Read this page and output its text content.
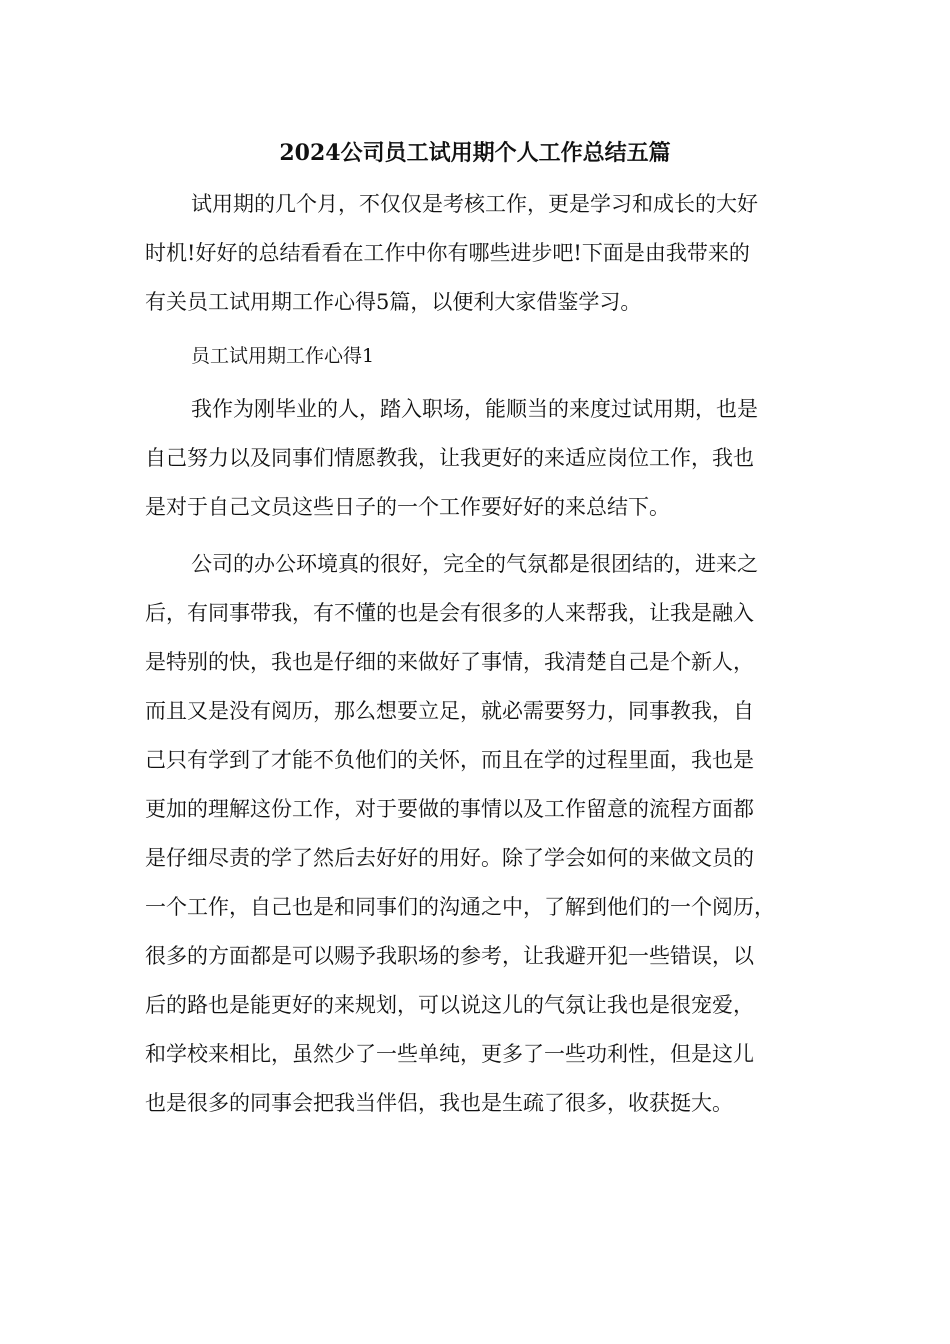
2024公司员工试用期个人工作总结五篇
试用期的几个月，不仅仅是考核工作，更是学习和成长的大好
时机!好好的总结看看在工作中你有哪些进步吧!下面是由我带来的
有关员工试用期工作心得5篇，以便利大家借鉴学习。
员工试用期工作心得1
我作为刚毕业的人，踏入职场，能顺当的来度过试用期，也是
自己努力以及同事们情愿教我，让我更好的来适应岗位工作，我也
是对于自己文员这些日子的一个工作要好好的来总结下。
公司的办公环境真的很好，完全的气氛都是很团结的，进来之
后，有同事带我，有不懂的也是会有很多的人来帮我，让我是融入
是特别的快，我也是仔细的来做好了事情，我清楚自己是个新人，
而且又是没有阅历，那么想要立足，就必需要努力，同事教我，自
己只有学到了才能不负他们的关怀，而且在学的过程里面，我也是
更加的理解这份工作，对于要做的事情以及工作留意的流程方面都
是仔细尽责的学了然后去好好的用好。除了学会如何的来做文员的
一个工作，自己也是和同事们的沟通之中，了解到他们的一个阅历，
很多的方面都是可以赐予我职场的参考，让我避开犯一些错误，以
后的路也是能更好的来规划，可以说这儿的气氛让我也是很宠爱，
和学校来相比，虽然少了一些单纯，更多了一些功利性，但是这儿
也是很多的同事会把我当伴侣，我也是生疏了很多，收获挺大。
